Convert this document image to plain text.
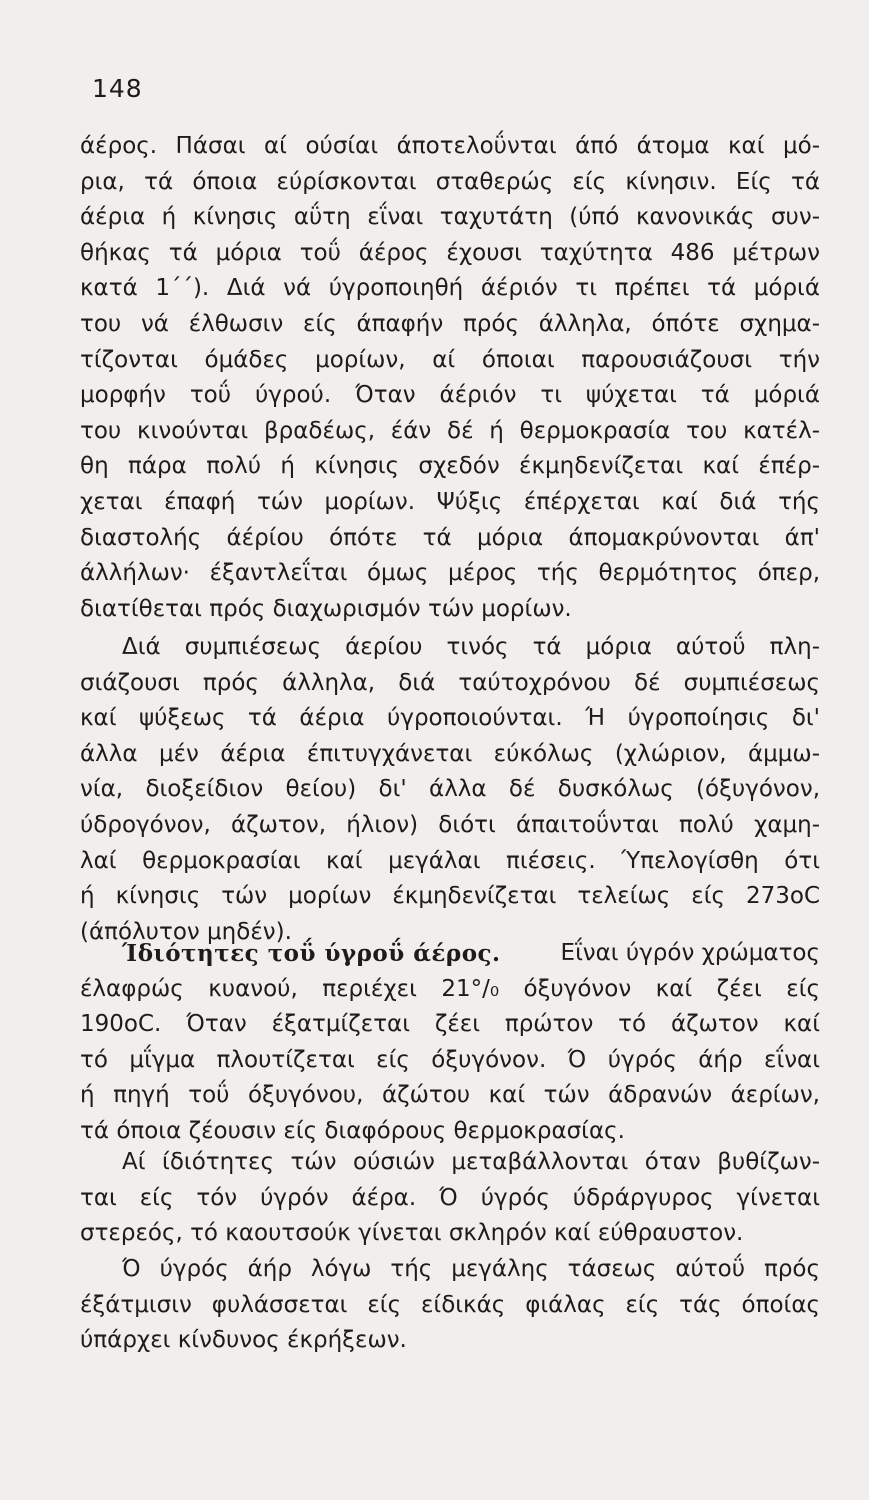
148
άέρος. Πάσαι αί ούσίαι άποτελοΰνται άπό άτομα καί μό-
ρια, τά όποια εύρίσκονται σταθερώς είς κίνησιν. Είς τά
άέρια ή κίνησις αΰτη εΐναι ταχυτάτη (ύπό κανονικάς συν-
θήκας τά μόρια τοΰ άέρος έχουσι ταχύτητα 486 μέτρων
κατά 1΄΄). Διά νά ύγροποιηθή άέριόν τι πρέπει τά μόριά
του νά έλθωσιν είς άπαφήν πρός άλληλα, όπότε σχημα-
τίζονται όμάδες μορίων, αί όποιαι παρουσιάζουσι τήν
μορφήν τοΰ ύγρού. Όταν άέριόν τι ψύχεται τά μόριά
του κινούνται βραδέως, έάν δέ ή θερμοκρασία του κατέλ-
θη πάρα πολύ ή κίνησις σχεδόν έκμηδενίζεται καί έπέρ-
χεται έπαφή τών μορίων. Ψύξις έπέρχεται καί διά τής
διαστολής άέρίου όπότε τά μόρια άπομακρύνονται άπ'
άλλήλων· έξαντλεΐται όμως μέρος τής θερμότητος όπερ,
διατίθεται πρός διαχωρισμόν τών μορίων.
Διά συμπιέσεως άερίου τινός τά μόρια αύτοΰ πλη-
σιάζουσι πρός άλληλα, διά ταύτοχρόνου δέ συμπιέσεως
καί ψύξεως τά άέρια ύγροποιούνται. Ή ύγροποίησις δι'
άλλα μέν άέρια έπιτυγχάνεται εύκόλως (χλώριον, άμμω-
νία, διοξείδιον θείου) δι' άλλα δέ δυσκόλως (όξυγόνον,
ύδρογόνον, άζωτον, ήλιον) διότι άπαιτοΰνται πολύ χαμη-
λαί θερμοκρασίαι καί μεγάλαι πιέσεις. Ύπελογίσθη ότι
ή κίνησις τών μορίων έκμηδενίζεται τελείως είς 273οC
(άπόλυτον μηδέν).
Ίδιότητες τοΰ ύγροΰ άέρος.	Εΐναι ύγρόν χρώματος
έλαφρώς κυανού, περιέχει 21°/₀ όξυγόνον καί ζέει είς
190οC. Όταν έξατμίζεται ζέει πρώτον τό άζωτον καί
τό μΐγμα πλουτίζεται είς όξυγόνον. Ό ύγρός άήρ εΐναι
ή πηγή τοΰ όξυγόνου, άζώτου καί τών άδρανών άερίων,
τά όποια ζέουσιν είς διαφόρους θερμοκρασίας.
Αί ίδιότητες τών ούσιών μεταβάλλονται όταν βυθίζων-
ται είς τόν ύγρόν άέρα. Ό ύγρός ύδράργυρος γίνεται
στερεός, τό καουτσούκ γίνεται σκληρόν καί εύθραυστον.
Ό ύγρός άήρ λόγω τής μεγάλης τάσεως αύτοΰ πρός
έξάτμισιν φυλάσσεται είς είδικάς φιάλας είς τάς όποίας
ύπάρχει κίνδυνος έκρήξεων.
